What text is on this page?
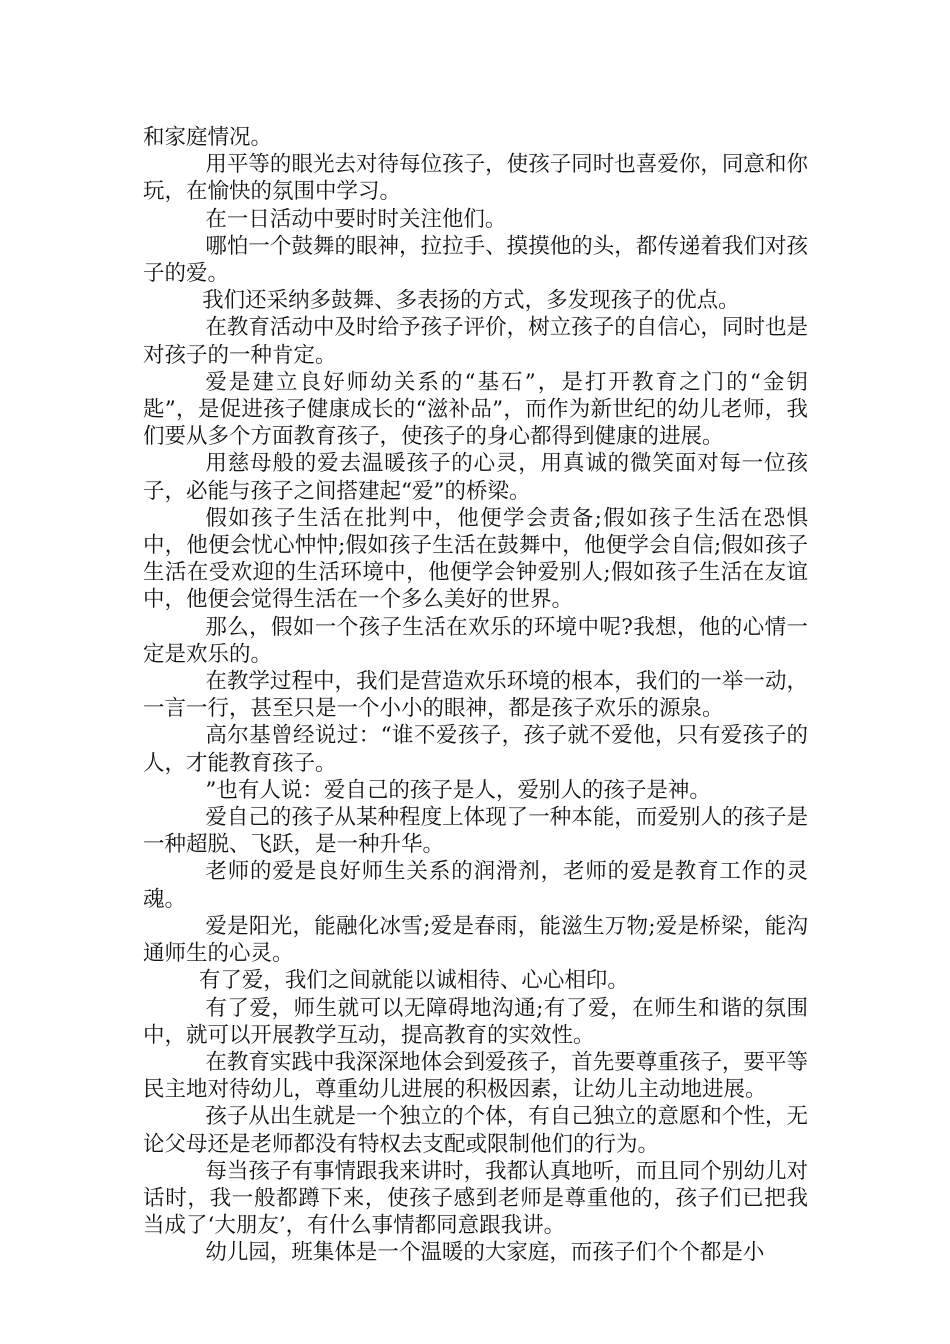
和家庭情况。

用平等的眼光去对待每位孩子，使孩子同时也喜爱你，同意和你玩，在愉快的氛围中学习。

在一日活动中要时时关注他们。

哪怕一个鼓舞的眼神，拉拉手、摸摸他的头，都传递着我们对孩子的爱。

我们还采纳多鼓舞、多表扬的方式，多发现孩子的优点。

在教育活动中及时给予孩子评价，树立孩子的自信心，同时也是对孩子的一种肯定。

爱是建立良好师幼关系的“基石”，是打开教育之门的“金钥匙”，是促进孩子健康成长的“滋补品”，而作为新世纪的幼儿老师，我们要从多个方面教育孩子，使孩子的身心都得到健康的进展。

用慈母般的爱去温暖孩子的心灵，用真诚的微笑面对每一位孩子，必能与孩子之间搭建起“爱”的桥梁。

假如孩子生活在批判中，他便学会责备;假如孩子生活在恐惧中，他便会忧心忡忡;假如孩子生活在鼓舞中，他便学会自信;假如孩子生活在受欢迎的生活环境中，他便学会钟爱别人;假如孩子生活在友谊中，他便会觉得生活在一个多么美好的世界。

那么，假如一个孩子生活在欢乐的环境中呢?我想，他的心情一定是欢乐的。

在教学过程中，我们是营造欢乐环境的根本，我们的一举一动，一言一行，甚至只是一个小小的眼神，都是孩子欢乐的源泉。

高尔基曾经说过：“谁不爱孩子，孩子就不爱他，只有爱孩子的人，才能教育孩子。

”也有人说：爱自己的孩子是人，爱别人的孩子是神。

爱自己的孩子从某种程度上体现了一种本能，而爱别人的孩子是一种超脱、飞跃，是一种升华。

老师的爱是良好师生关系的润滑剂，老师的爱是教育工作的灵魂。

爱是阳光，能融化冰雪;爱是春雨，能滋生万物;爱是桥梁，能沟通师生的心灵。

有了爱，我们之间就能以诚相待、心心相印。

有了爱，师生就可以无障碍地沟通;有了爱，在师生和谐的氛围中，就可以开展教学互动，提高教育的实效性。

在教育实践中我深深地体会到爱孩子，首先要尊重孩子，要平等民主地对待幼儿，尊重幼儿进展的积极因素，让幼儿主动地进展。

孩子从出生就是一个独立的个体，有自己独立的意愿和个性，无论父母还是老师都没有特权去支配或限制他们的行为。

每当孩子有事情跟我来讲时，我都认真地听，而且同个别幼儿对话时，我一般都蹲下来，使孩子感到老师是尊重他的，孩子们已把我当成了‘大朋友’，有什么事情都同意跟我讲。

幼儿园，班集体是一个温暖的大家庭，而孩子们个个都是小
